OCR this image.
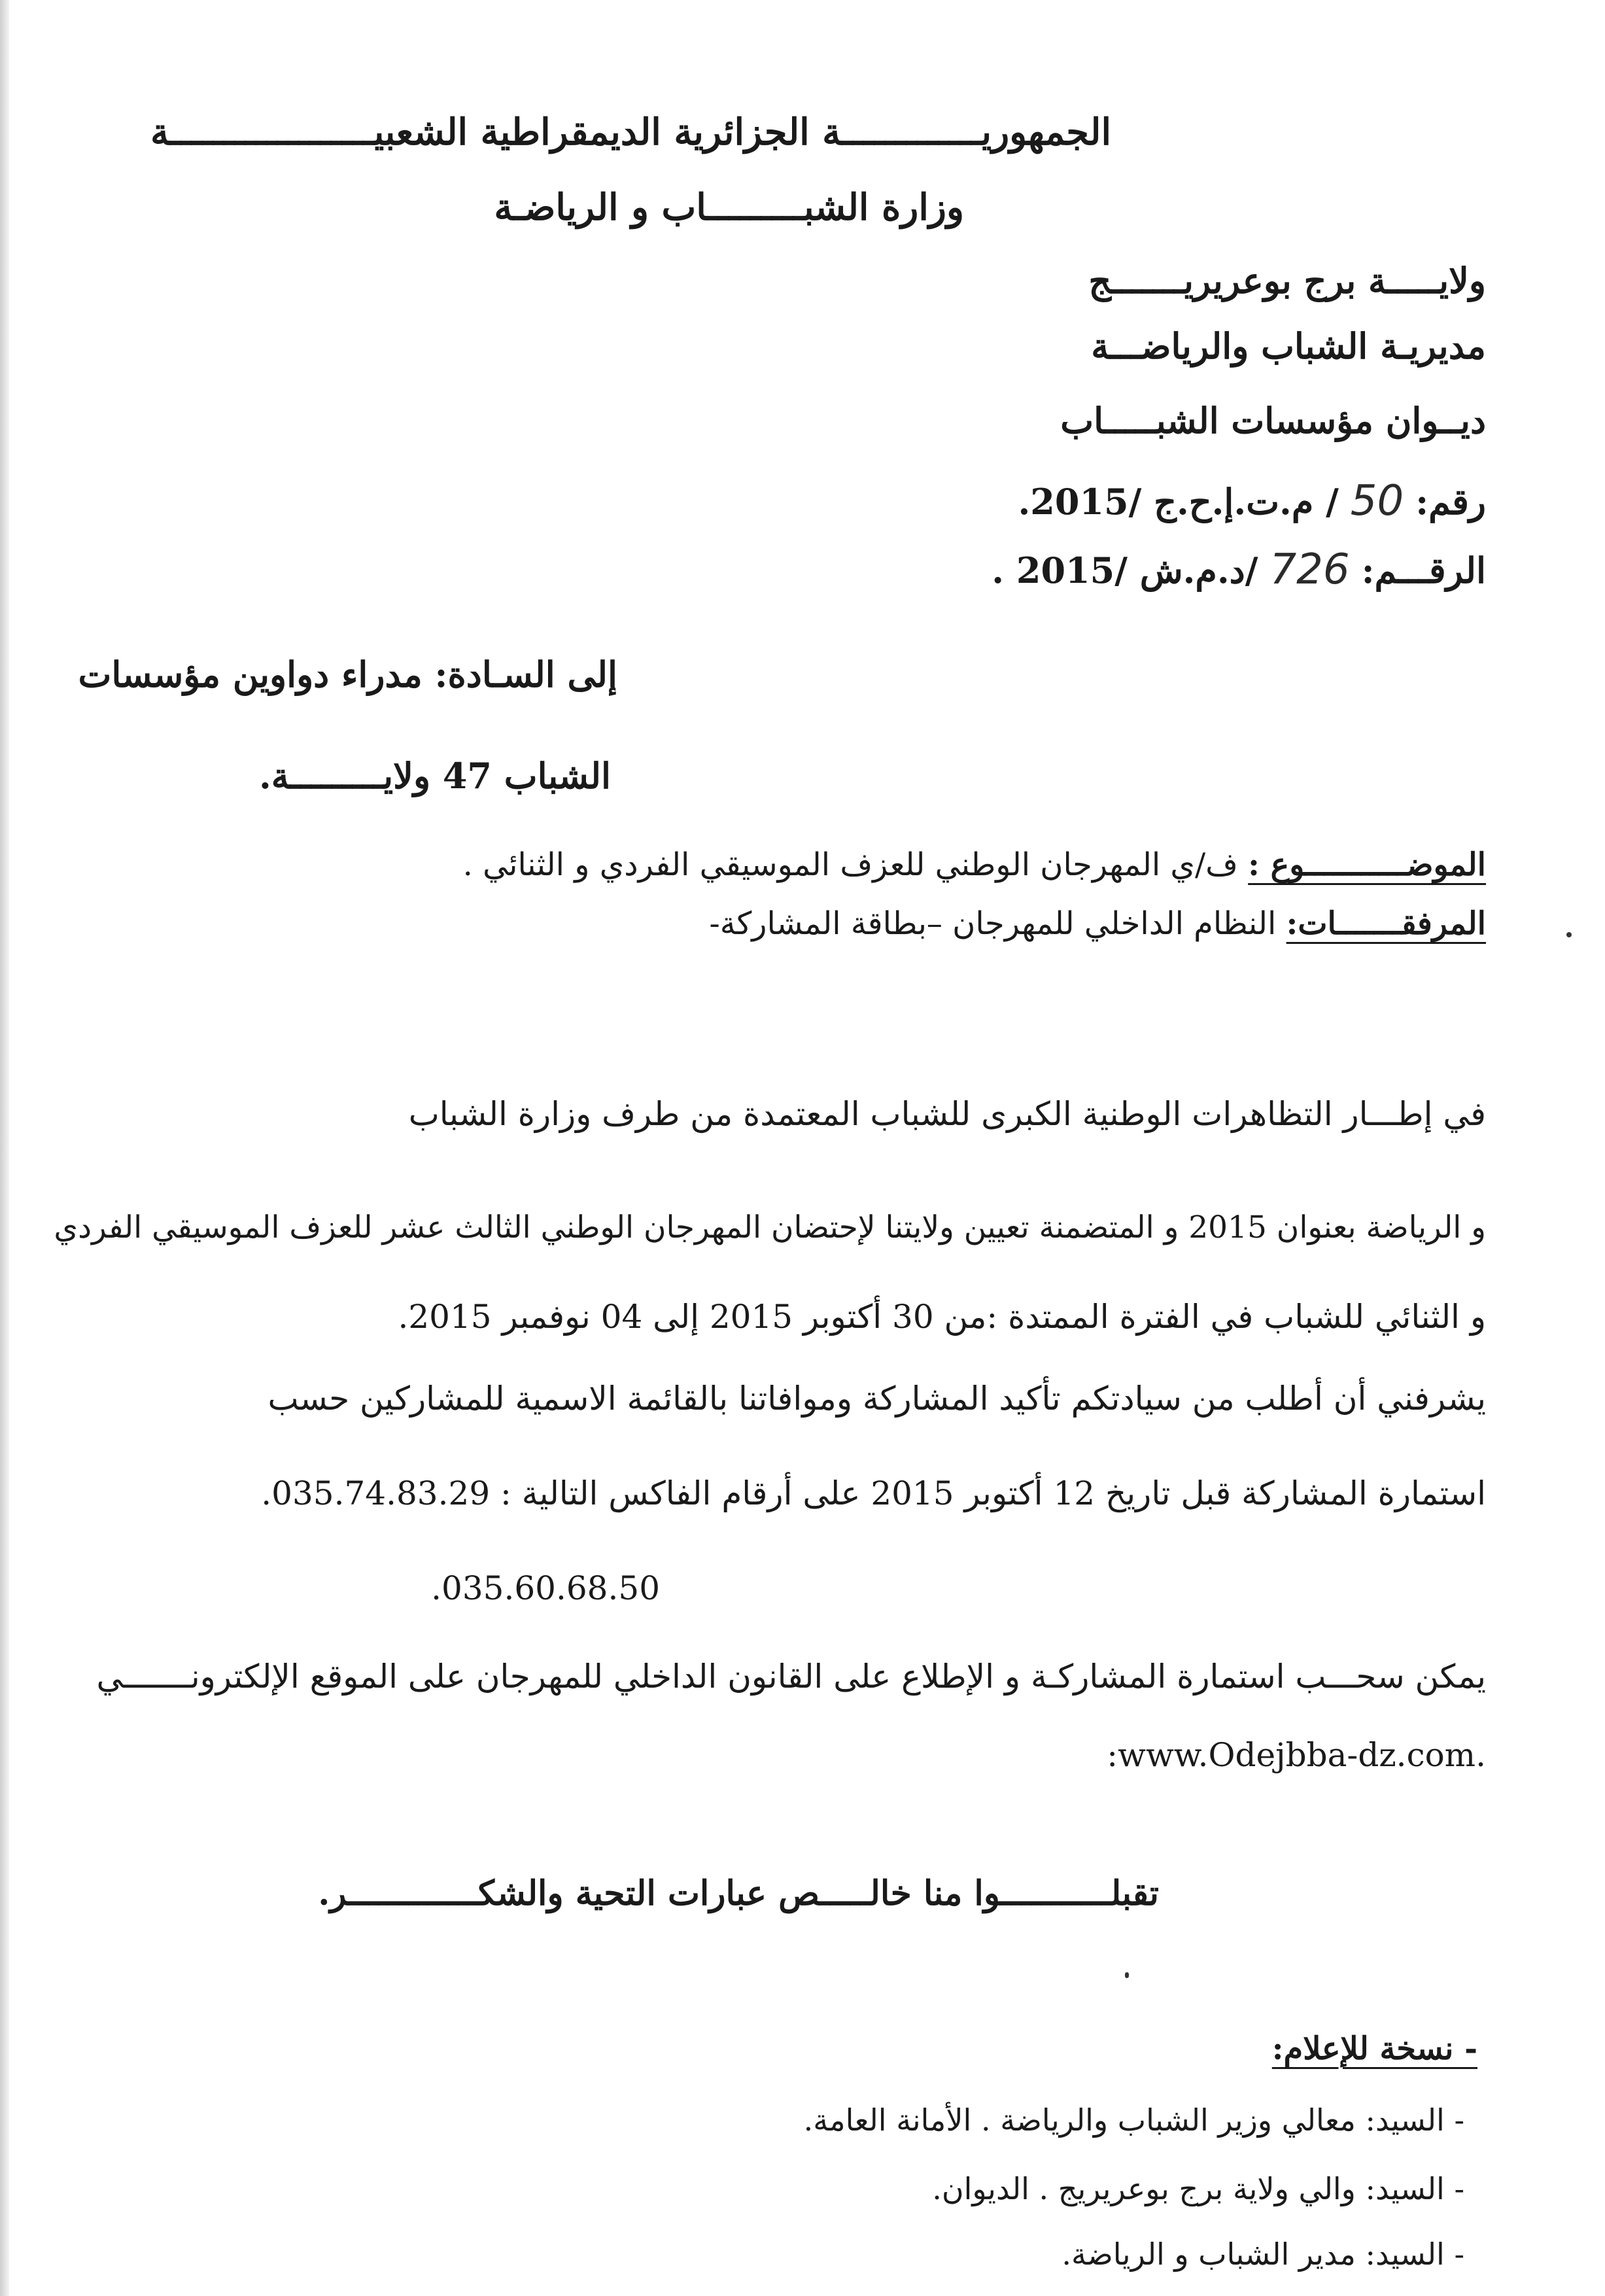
الجمهوريـــــــــــــة الجزائرية الديمقراطية الشعبيـــــــــــــــــــة
وزارة الشبـــــــــاب و الرياضـة
ولايـــــة برج بوعريريـــــــج
مديريـة الشباب والرياضـــة
ديــوان مؤسسات الشبـــــاب
رقم:
50
/ م.ت.إ.ح.ج /2015.
الرقـــم:
726
/د.م.ش /2015 .
إلى السـادة: مدراء دواوين مؤسسات
الشباب 47 ولايـــــــــة.
الموضـــــــــــوع : ف/ي المهرجان الوطني للعزف الموسيقي الفردي و الثنائي .
المرفقـــــــات: النظام الداخلي للمهرجان –بطاقة المشاركة-
في إطـــار التظاهرات الوطنية الكبرى للشباب المعتمدة من طرف وزارة الشباب
و الرياضة بعنوان 2015 و المتضمنة تعيين ولايتنا لإحتضان المهرجان الوطني الثالث عشر للعزف الموسيقي الفردي
و الثنائي للشباب في الفترة الممتدة :من 30 أكتوبر 2015 إلى 04 نوفمبر 2015.
يشرفني أن أطلب من سيادتكم تأكيد المشاركة وموافاتنا بالقائمة الاسمية للمشاركين حسب
استمارة المشاركة قبل تاريخ 12 أكتوبر 2015 على أرقام الفاكس التالية : 035.74.83.29.
035.60.68.50.
يمكن سحـــب استمارة المشاركـة و الإطلاع على القانون الداخلي للمهرجان على الموقع الإلكترونـــــــي
.www.Odejbba-dz.com:
تقبلـــــــــــوا منا خالـــــص عبارات التحية والشكـــــــــــــر.
- نسخة للإعلام:
- السيد: معالي وزير الشباب والرياضة . الأمانة العامة.
- السيد: والي ولاية برج بوعريريج . الديوان.
- السيد: مدير الشباب و الرياضة.
